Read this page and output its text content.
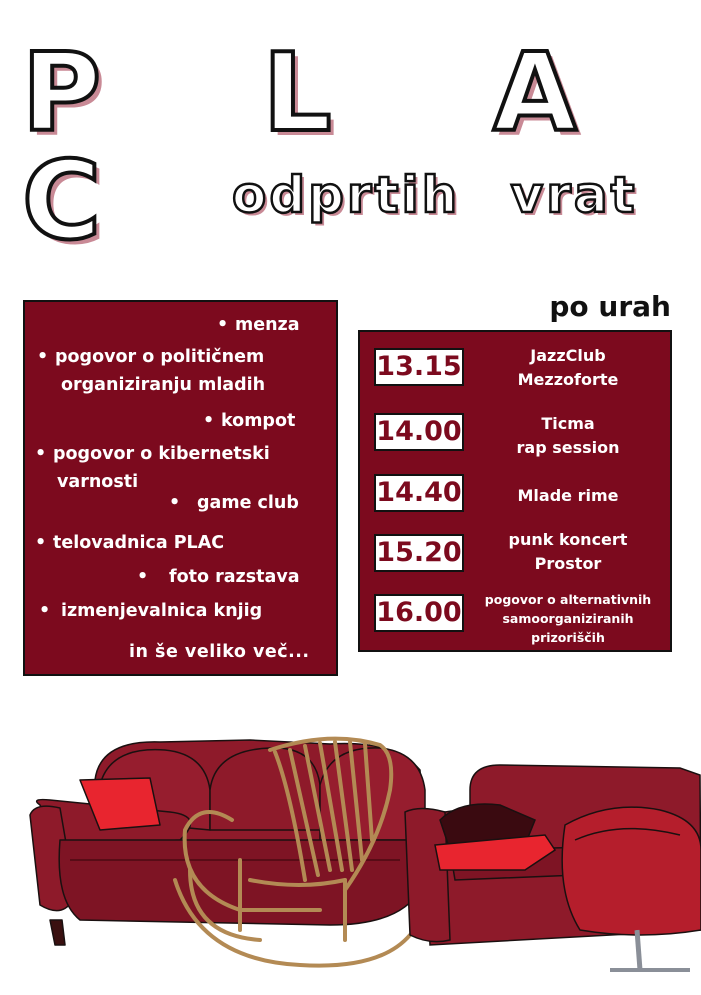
P L A C	odprtih vrat
• menza
• pogovor o političnem
organiziranju mladih
• kompot
• pogovor o kibernetski
varnosti
• game club
• telovadnica PLAC
• foto razstava
• izmenjevalnica knjig
in še veliko več...
po urah
13.15	JazzClub
Mezzoforte
14.00	Ticma
rap session
14.40	Mlade rime
15.20	punk koncert
Prostor
16.00	pogovor o alternativnih
samoorganiziranih
prizoriščih
